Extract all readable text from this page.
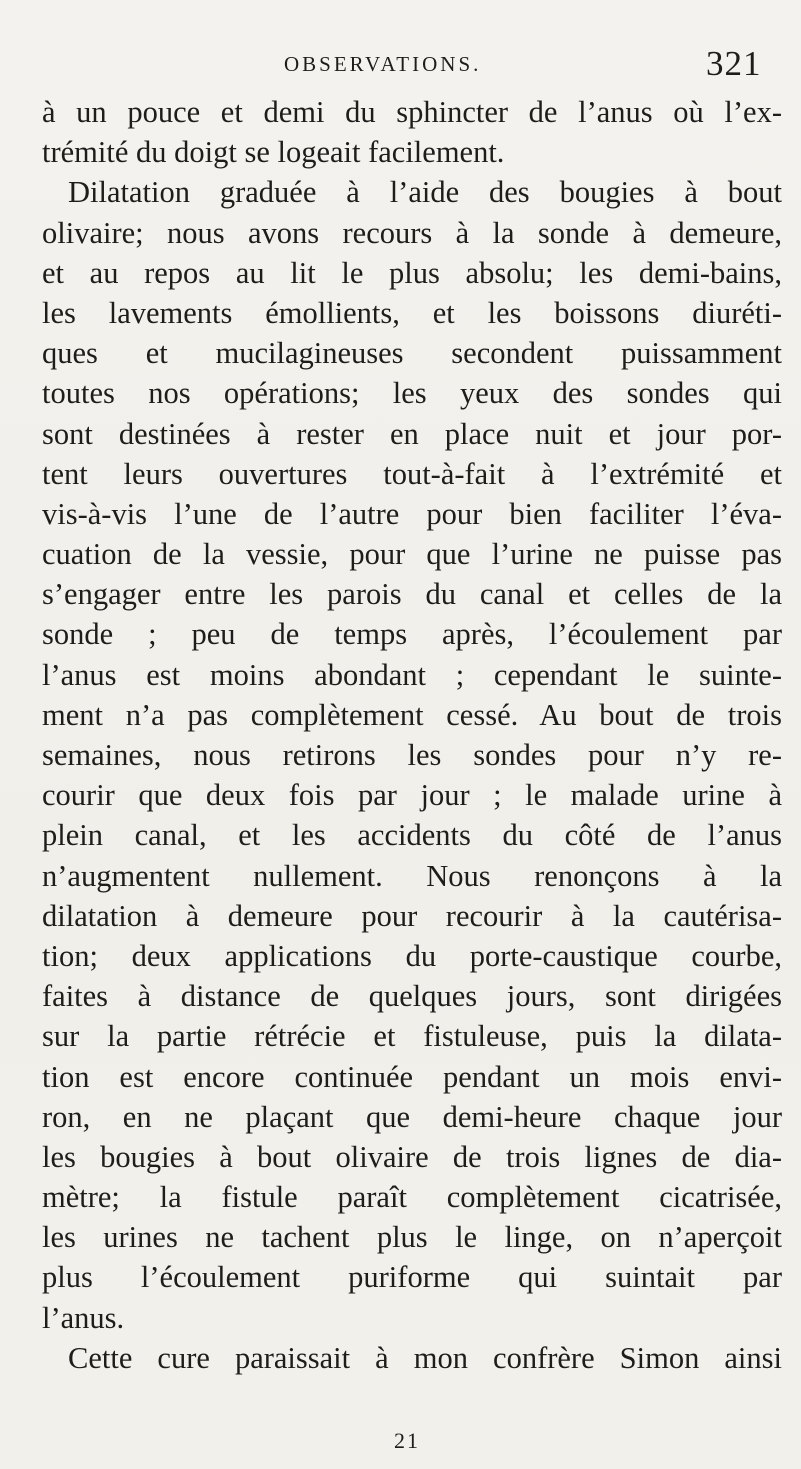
OBSERVATIONS.	321
à un pouce et demi du sphincter de l’anus où l’ex-
trémité du doigt se logeait facilement.
Dilatation graduée à l’aide des bougies à bout
olivaire; nous avons recours à la sonde à demeure,
et au repos au lit le plus absolu; les demi-bains,
les lavements émollients, et les boissons diuréti-
ques et mucilagineuses secondent puissamment
toutes nos opérations; les yeux des sondes qui
sont destinées à rester en place nuit et jour por-
tent leurs ouvertures tout-à-fait à l’extrémité et
vis-à-vis l’une de l’autre pour bien faciliter l’éva-
cuation de la vessie, pour que l’urine ne puisse pas
s’engager entre les parois du canal et celles de la
sonde ; peu de temps après, l’écoulement par
l’anus est moins abondant ; cependant le suinte-
ment n’a pas complètement cessé. Au bout de trois
semaines, nous retirons les sondes pour n’y re-
courir que deux fois par jour ; le malade urine à
plein canal, et les accidents du côté de l’anus
n’augmentent nullement. Nous renonçons à la
dilatation à demeure pour recourir à la cautérisa-
tion; deux applications du porte-caustique courbe,
faites à distance de quelques jours, sont dirigées
sur la partie rétrécie et fistuleuse, puis la dilata-
tion est encore continuée pendant un mois envi-
ron, en ne plaçant que demi-heure chaque jour
les bougies à bout olivaire de trois lignes de dia-
mètre; la fistule paraît complètement cicatrisée,
les urines ne tachent plus le linge, on n’aperçoit
plus l’écoulement puriforme qui suintait par
l’anus.
Cette cure paraissait à mon confrère Simon ainsi
21
